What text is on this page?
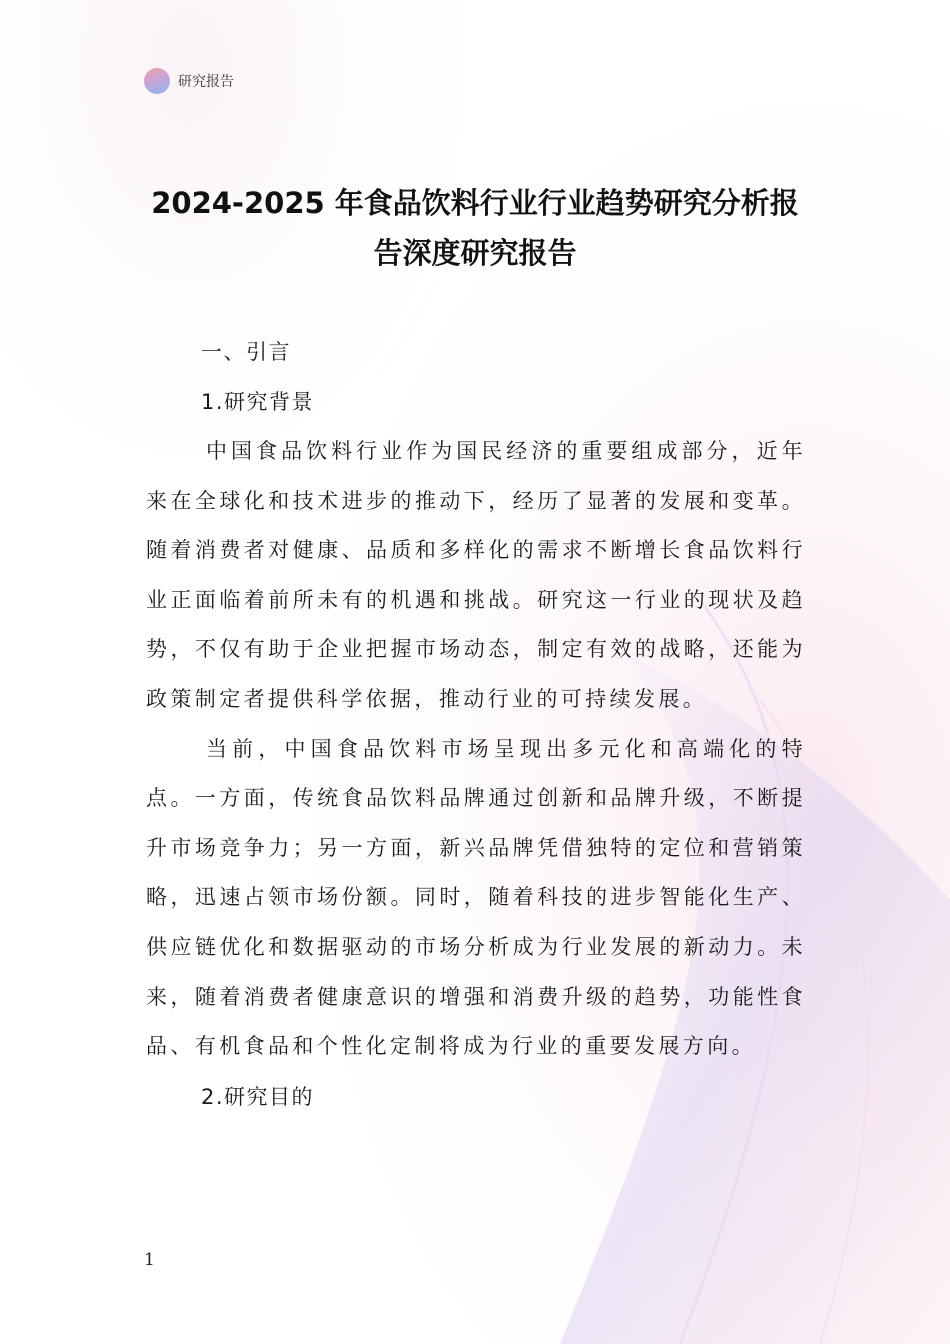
研究报告
2024-2025 年食品饮料行业行业趋势研究分析报
告深度研究报告

一、引言

1.研究背景

中国食品饮料行业作为国民经济的重要组成部分，近年来在全球化和技术进步的推动下，经历了显著的发展和变革。随着消费者对健康、品质和多样化的需求不断增长食品饮料行业正面临着前所未有的机遇和挑战。研究这一行业的现状及趋势，不仅有助于企业把握市场动态，制定有效的战略，还能为政策制定者提供科学依据，推动行业的可持续发展。

当前，中国食品饮料市场呈现出多元化和高端化的特点。一方面，传统食品饮料品牌通过创新和品牌升级，不断提升市场竞争力；另一方面，新兴品牌凭借独特的定位和营销策略，迅速占领市场份额。同时，随着科技的进步智能化生产、供应链优化和数据驱动的市场分析成为行业发展的新动力。未来，随着消费者健康意识的增强和消费升级的趋势，功能性食品、有机食品和个性化定制将成为行业的重要发展方向。

2.研究目的

1
